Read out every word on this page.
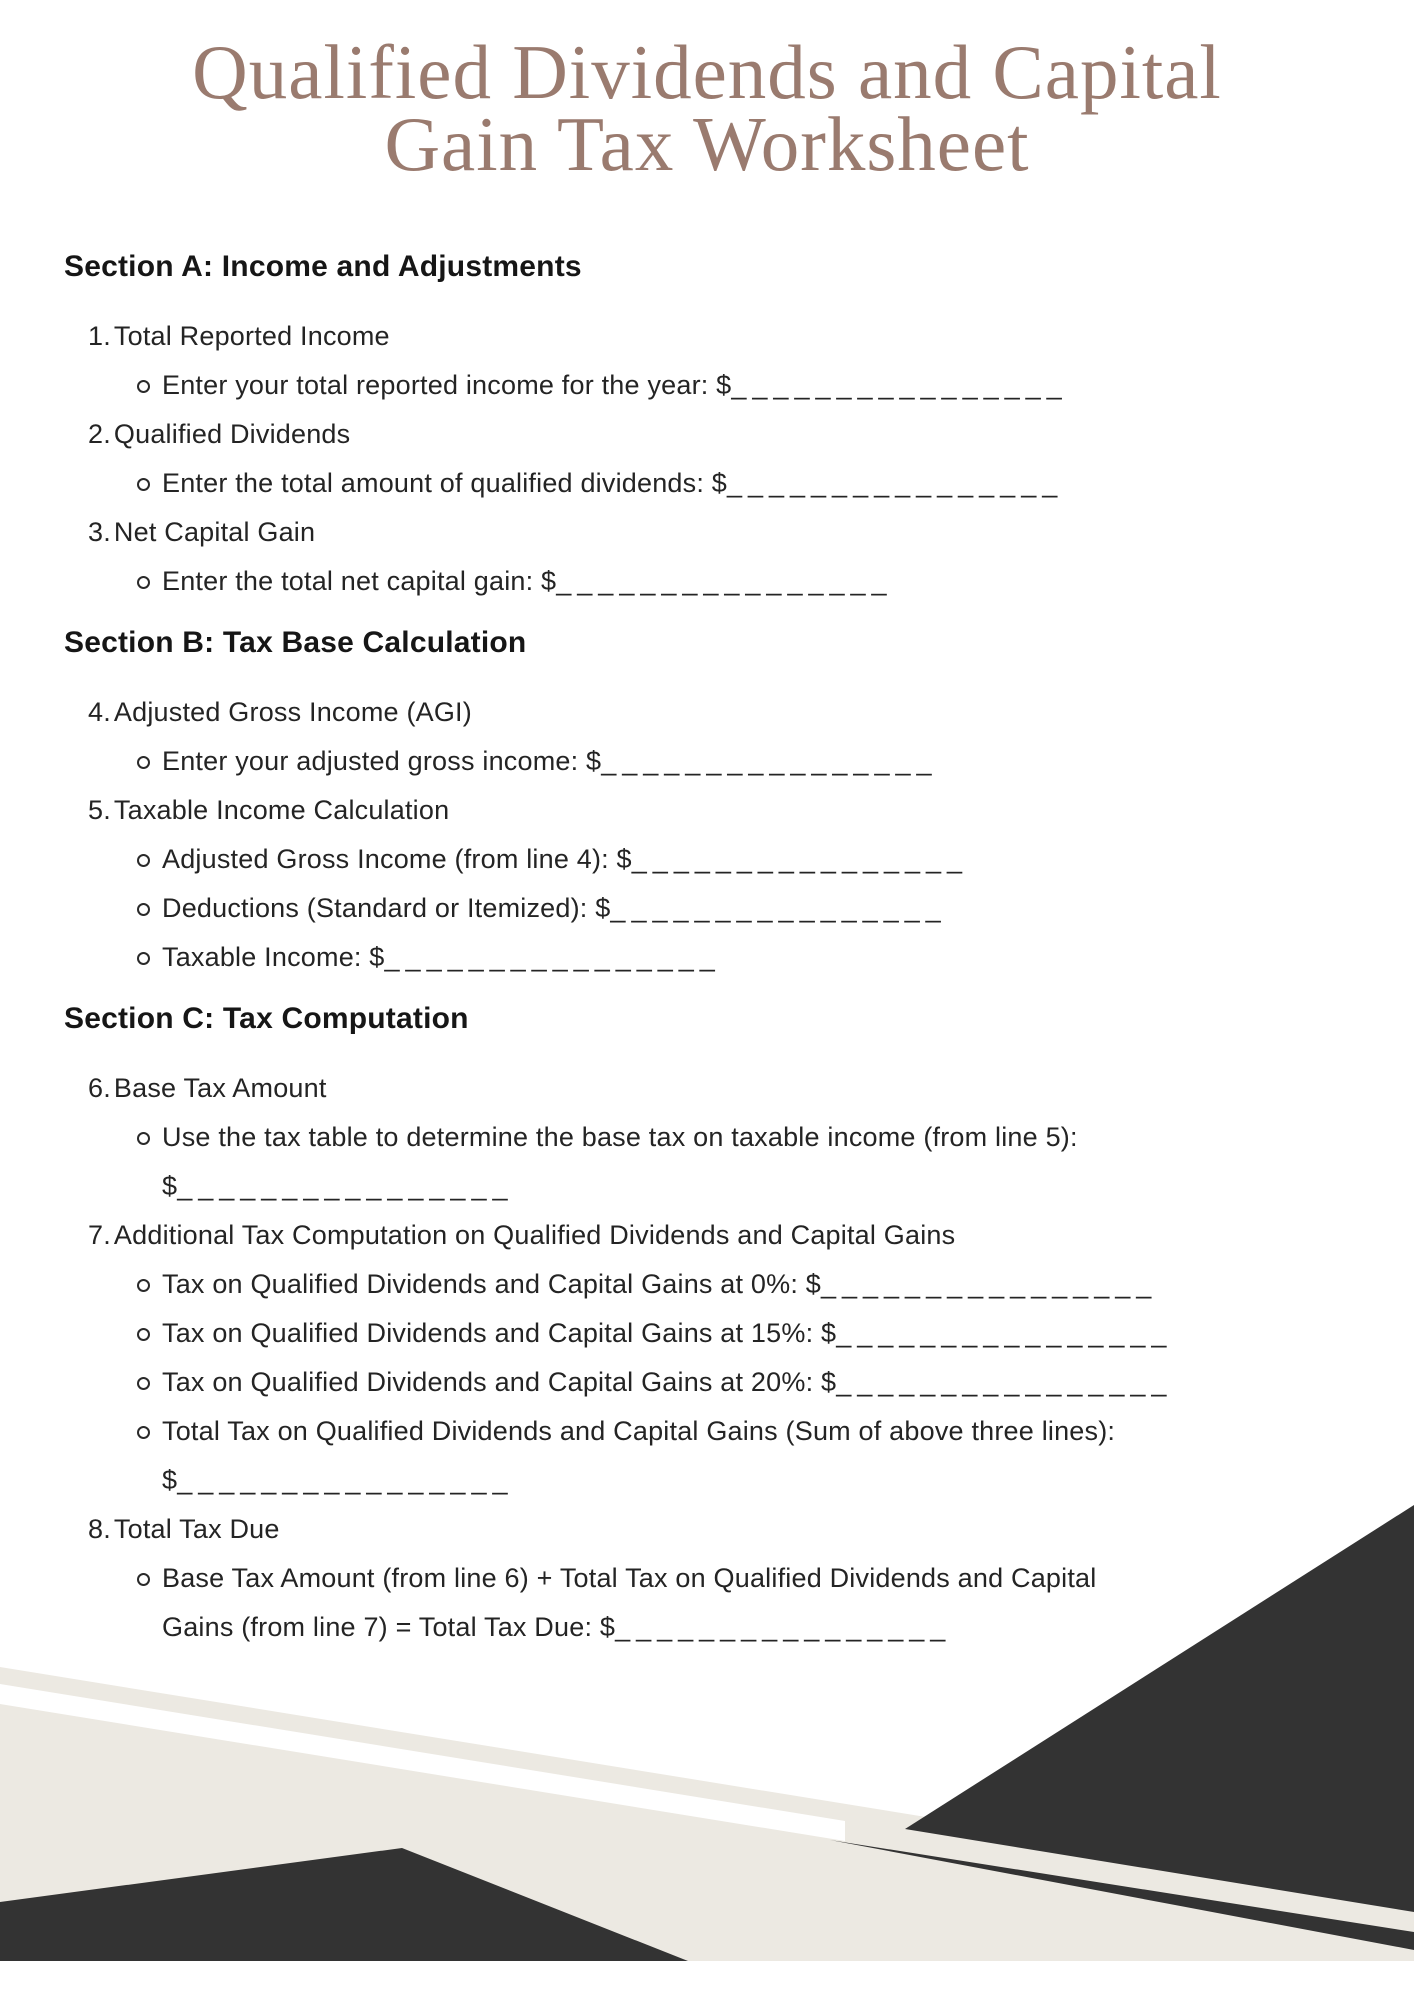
Qualified Dividends and Capital
Gain Tax Worksheet
Section A: Income and Adjustments
1. Total Reported Income
Enter your total reported income for the year: $________________
2. Qualified Dividends
Enter the total amount of qualified dividends: $________________
3. Net Capital Gain
Enter the total net capital gain: $________________
Section B: Tax Base Calculation
4. Adjusted Gross Income (AGI)
Enter your adjusted gross income: $________________
5. Taxable Income Calculation
Adjusted Gross Income (from line 4): $________________
Deductions (Standard or Itemized): $________________
Taxable Income: $________________
Section C: Tax Computation
6. Base Tax Amount
Use the tax table to determine the base tax on taxable income (from line 5):
$________________
7. Additional Tax Computation on Qualified Dividends and Capital Gains
Tax on Qualified Dividends and Capital Gains at 0%: $________________
Tax on Qualified Dividends and Capital Gains at 15%: $________________
Tax on Qualified Dividends and Capital Gains at 20%: $________________
Total Tax on Qualified Dividends and Capital Gains (Sum of above three lines):
$________________
8. Total Tax Due
Base Tax Amount (from line 6) + Total Tax on Qualified Dividends and Capital
Gains (from line 7) = Total Tax Due: $________________
